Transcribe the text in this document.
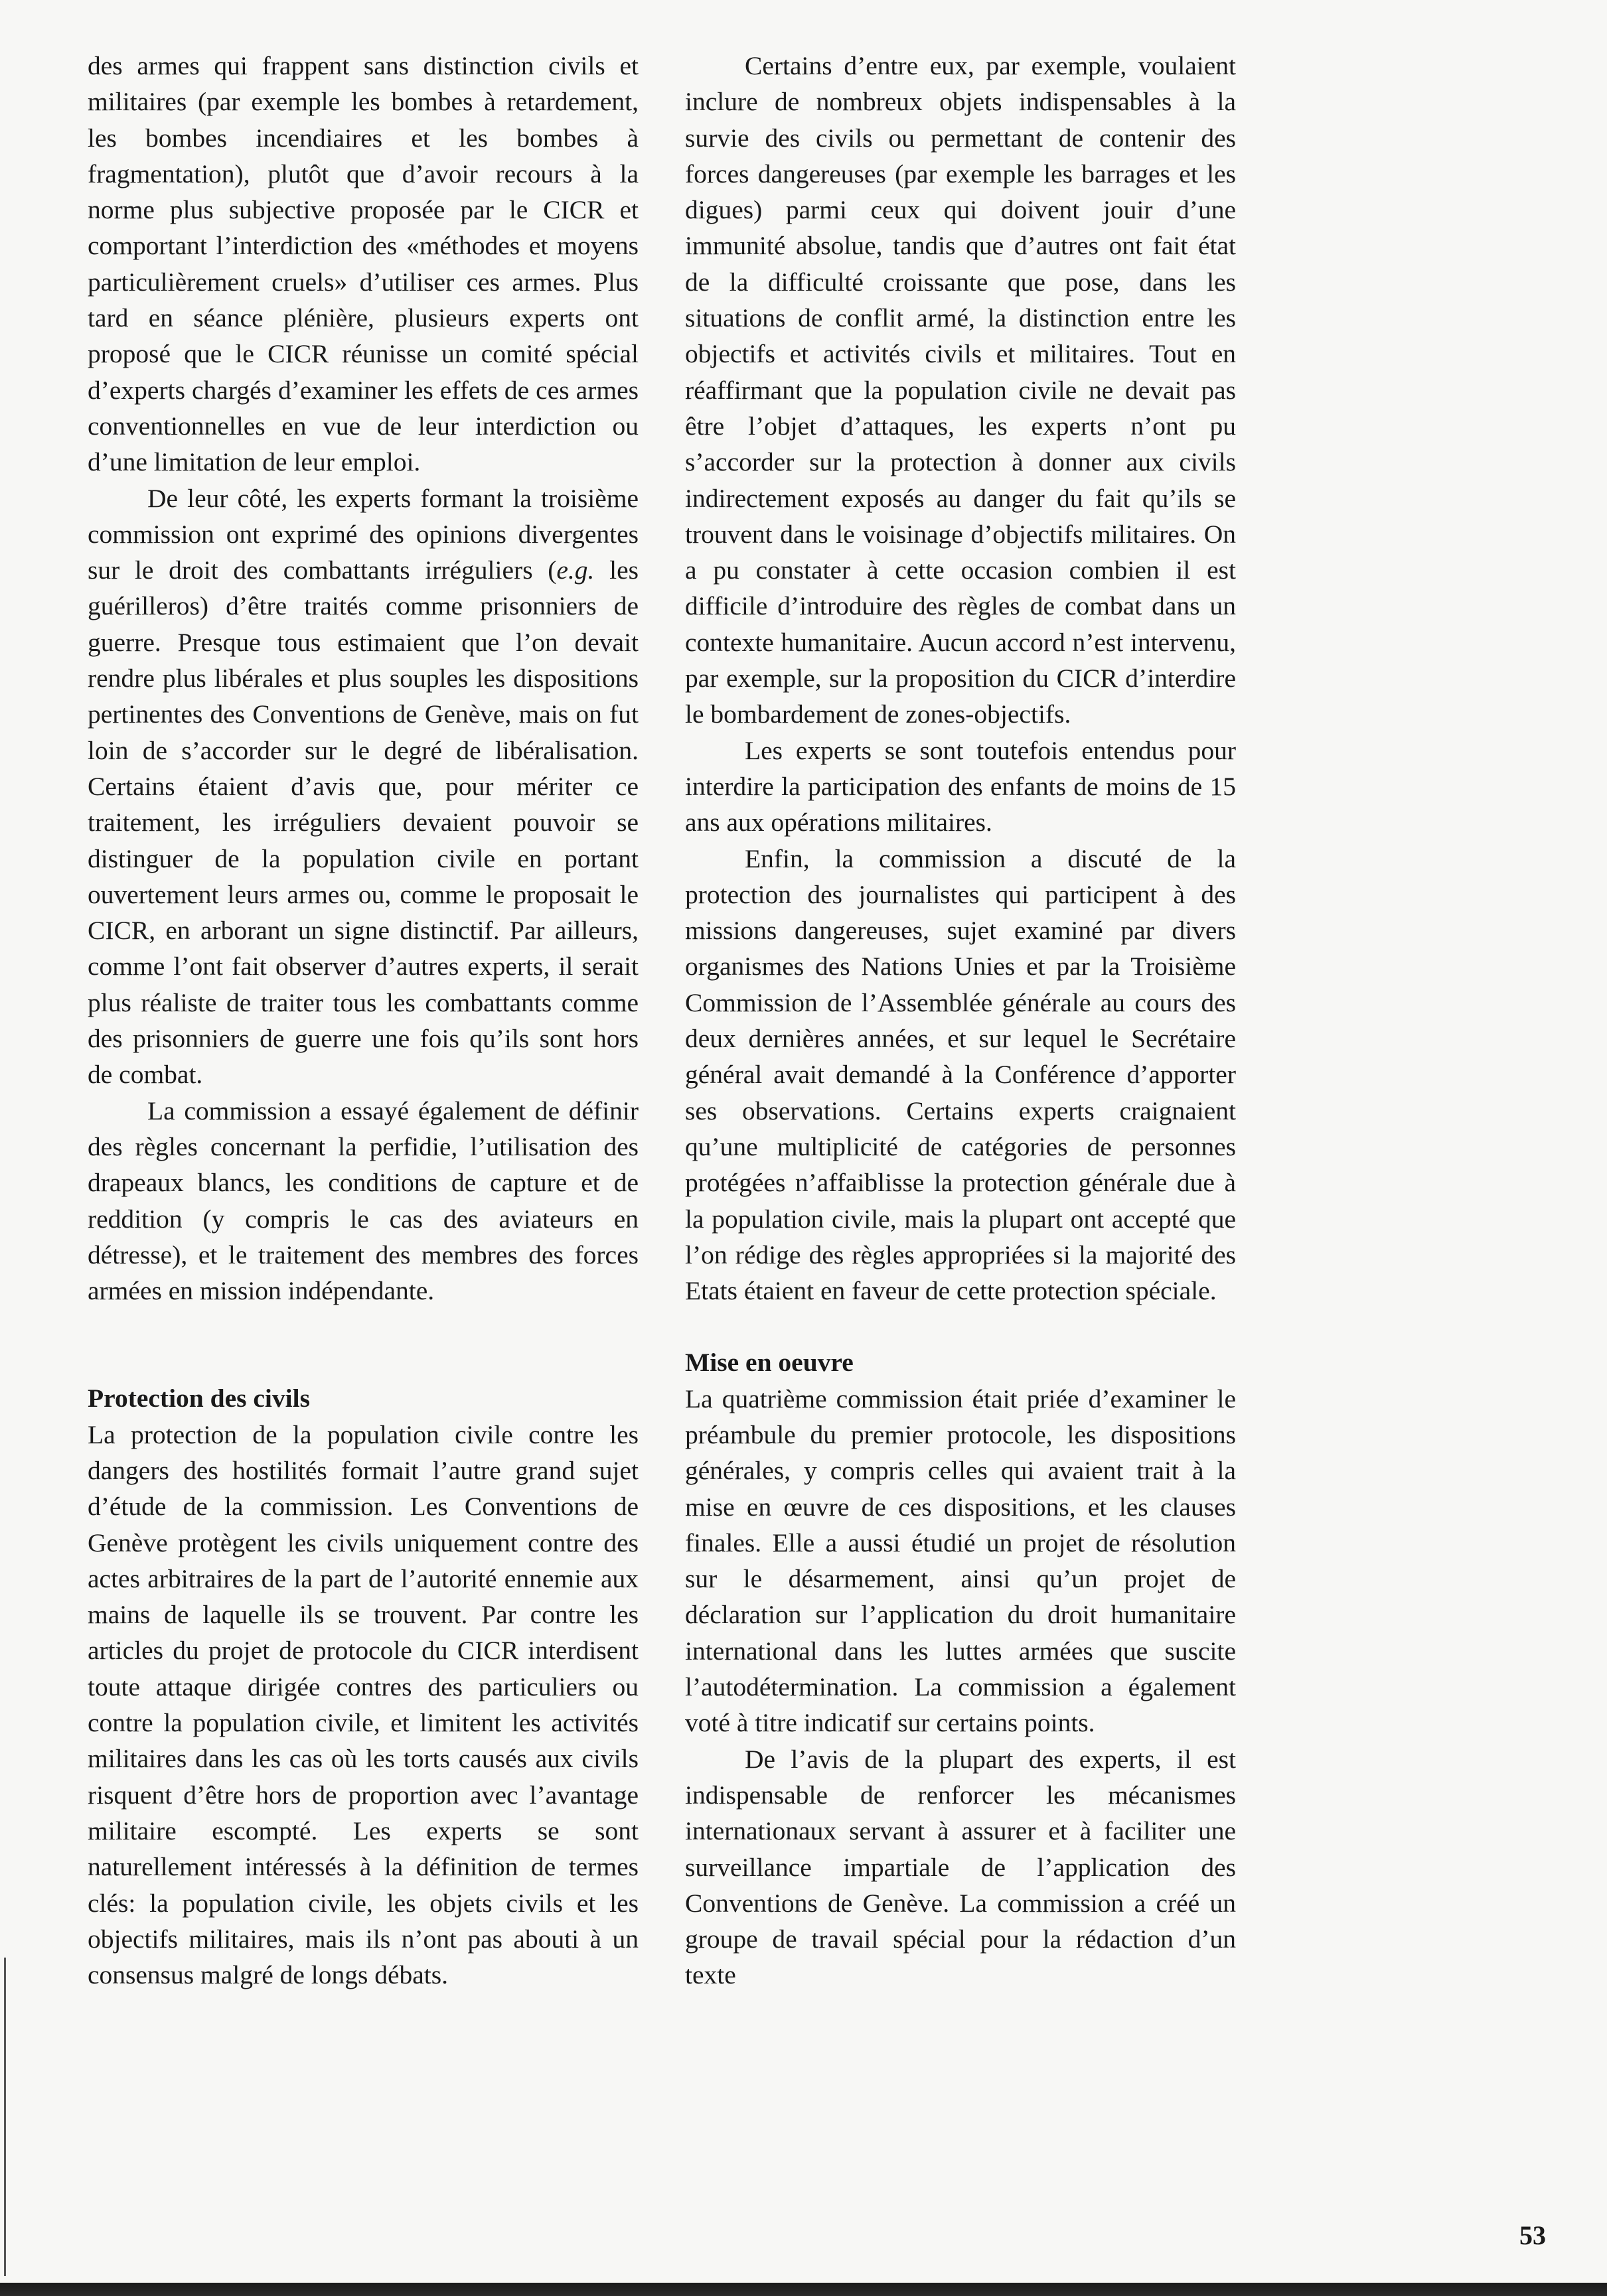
des armes qui frappent sans distinction civils et militaires (par exemple les bombes à retardement, les bombes incendiaires et les bombes à fragmentation), plutôt que d’avoir recours à la norme plus subjective proposée par le CICR et comportant l’interdiction des «méthodes et moyens particulièrement cruels» d’utiliser ces armes. Plus tard en séance plénière, plusieurs experts ont proposé que le CICR réunisse un comité spécial d’experts chargés d’examiner les effets de ces armes conventionnelles en vue de leur interdiction ou d’une limitation de leur emploi.

De leur côté, les experts formant la troisième commission ont exprimé des opinions divergentes sur le droit des combattants irréguliers (e.g. les guérilleros) d’être traités comme prisonniers de guerre. Presque tous estimaient que l’on devait rendre plus libérales et plus souples les dispositions pertinentes des Conventions de Genève, mais on fut loin de s’accorder sur le degré de libéralisation. Certains étaient d’avis que, pour mériter ce traitement, les irréguliers devaient pouvoir se distinguer de la population civile en portant ouvertement leurs armes ou, comme le proposait le CICR, en arborant un signe distinctif. Par ailleurs, comme l’ont fait observer d’autres experts, il serait plus réaliste de traiter tous les combattants comme des prisonniers de guerre une fois qu’ils sont hors de combat.

La commission a essayé également de définir des règles concernant la perfidie, l’utilisation des drapeaux blancs, les conditions de capture et de reddition (y compris le cas des aviateurs en détresse), et le traitement des membres des forces armées en mission indépendante.

Protection des civils

La protection de la population civile contre les dangers des hostilités formait l’autre grand sujet d’étude de la commission. Les Conventions de Genève protègent les civils uniquement contre des actes arbitraires de la part de l’autorité ennemie aux mains de laquelle ils se trouvent. Par contre les articles du projet de protocole du CICR interdisent toute attaque dirigée contres des particuliers ou contre la population civile, et limitent les activités militaires dans les cas où les torts causés aux civils risquent d’être hors de proportion avec l’avantage militaire escompté. Les experts se sont naturellement intéressés à la définition de termes clés: la population civile, les objets civils et les objectifs militaires, mais ils n’ont pas abouti à un consensus malgré de longs débats.

Certains d’entre eux, par exemple, voulaient inclure de nombreux objets indispensables à la survie des civils ou permettant de contenir des forces dangereuses (par exemple les barrages et les digues) parmi ceux qui doivent jouir d’une immunité absolue, tandis que d’autres ont fait état de la difficulté croissante que pose, dans les situations de conflit armé, la distinction entre les objectifs et activités civils et militaires. Tout en réaffirmant que la population civile ne devait pas être l’objet d’attaques, les experts n’ont pu s’accorder sur la protection à donner aux civils indirectement exposés au danger du fait qu’ils se trouvent dans le voisinage d’objectifs militaires. On a pu constater à cette occasion combien il est difficile d’introduire des règles de combat dans un contexte humanitaire. Aucun accord n’est intervenu, par exemple, sur la proposition du CICR d’interdire le bombardement de zones-objectifs.

Les experts se sont toutefois entendus pour interdire la participation des enfants de moins de 15 ans aux opérations militaires.

Enfin, la commission a discuté de la protection des journalistes qui participent à des missions dangereuses, sujet examiné par divers organismes des Nations Unies et par la Troisième Commission de l’Assemblée générale au cours des deux dernières années, et sur lequel le Secrétaire général avait demandé à la Conférence d’apporter ses observations. Certains experts craignaient qu’une multiplicité de catégories de personnes protégées n’affaiblisse la protection générale due à la population civile, mais la plupart ont accepté que l’on rédige des règles appropriées si la majorité des Etats étaient en faveur de cette protection spéciale.

Mise en oeuvre

La quatrième commission était priée d’examiner le préambule du premier protocole, les dispositions générales, y compris celles qui avaient trait à la mise en œuvre de ces dispositions, et les clauses finales. Elle a aussi étudié un projet de résolution sur le désarmement, ainsi qu’un projet de déclaration sur l’application du droit humanitaire international dans les luttes armées que suscite l’autodétermination. La commission a également voté à titre indicatif sur certains points.

De l’avis de la plupart des experts, il est indispensable de renforcer les mécanismes internationaux servant à assurer et à faciliter une surveillance impartiale de l’application des Conventions de Genève. La commission a créé un groupe de travail spécial pour la rédaction d’un texte

53
